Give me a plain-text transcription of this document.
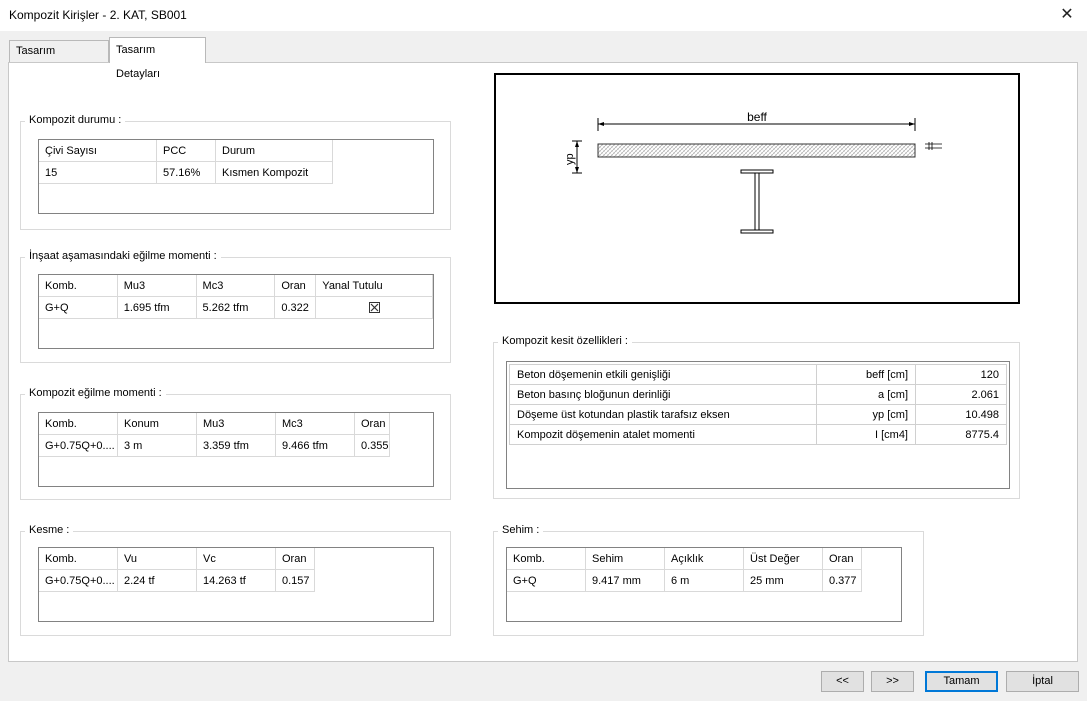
Kompozit Kirişler - 2. KAT, SB001	✕
Tasarım	Tasarım Detayları
Kompozit durumu :
Çivi Sayısı	PCC	Durum
15	57.16%	Kısmen Kompozit
İnşaat aşamasındaki eğilme momenti :
Komb.	Mu3	Mc3	Oran	Yanal Tutulu
G+Q	1.695 tfm	5.262 tfm	0.322	
Kompozit eğilme momenti :
Komb.	Konum	Mu3	Mc3	Oran
G+0.75Q+0....	3 m	3.359 tfm	9.466 tfm	0.355
Kesme :
Komb.	Vu	Vc	Oran
G+0.75Q+0....	2.24 tf	14.263 tf	0.157
beff
yp
Kompozit kesit özellikleri :
Beton döşemenin etkili genişliği	beff [cm]	120
Beton basınç bloğunun derinliği	a [cm]	2.061
Döşeme üst kotundan plastik tarafsız eksen	yp [cm]	10.498
Kompozit döşemenin atalet momenti	I [cm4]	8775.4
Sehim :
Komb.	Sehim	Açıklık	Üst Değer	Oran
G+Q	9.417 mm	6 m	25 mm	0.377
<<	>>	Tamam	İptal
